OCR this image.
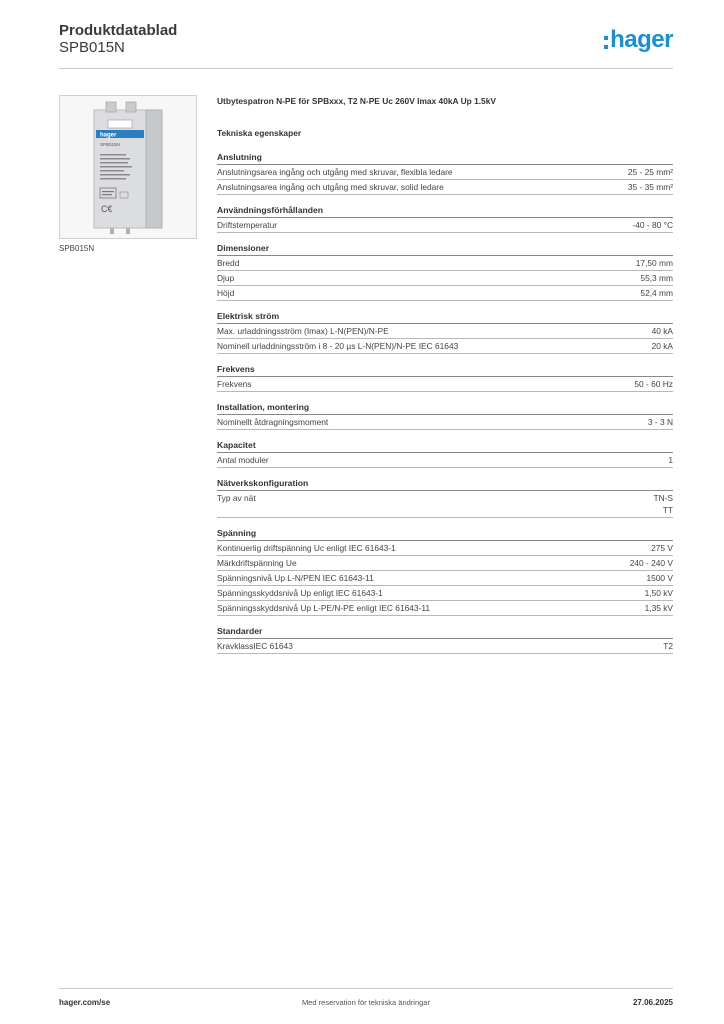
Produktdatablad
SPB015N	hager
hager
SPB015N
C€
SPB015N
Utbytespatron N-PE för SPBxxx, T2 N-PE Uc 260V Imax 40kA Up 1.5kV
Tekniska egenskaper
Anslutning
Anslutningsarea ingång och utgång med skruvar, flexibla ledare	25 - 25 mm²
Anslutningsarea ingång och utgång med skruvar, solid ledare	35 - 35 mm²
Användningsförhållanden
Driftstemperatur	-40 - 80 °C
Dimensioner
Bredd	17,50 mm
Djup	55,3 mm
Höjd	52,4 mm
Elektrisk ström
Max. urladdningsström (Imax) L-N(PEN)/N-PE	40 kA
Nominell urladdningsström i 8 - 20 µs L-N(PEN)/N-PE IEC 61643	20 kA
Frekvens
Frekvens	50 - 60 Hz
Installation, montering
Nominellt åtdragningsmoment	3 - 3 N
Kapacitet
Antal moduler	1
Nätverkskonfiguration
Typ av nät	TN-S
TT
Spänning
Kontinuerlig driftspänning Uc enligt IEC 61643-1	275 V
Märkdriftspänning Ue	240 - 240 V
Spänningsnivå Up L-N/PEN IEC 61643-11	1500 V
Spänningsskyddsnivå Up enligt IEC 61643-1	1,50 kV
Spänningsskyddsnivå Up L-PE/N-PE enligt IEC 61643-11	1,35 kV
Standarder
KravklassIEC 61643	T2
hager.com/se	Med reservation för tekniska ändringar	27.06.2025
